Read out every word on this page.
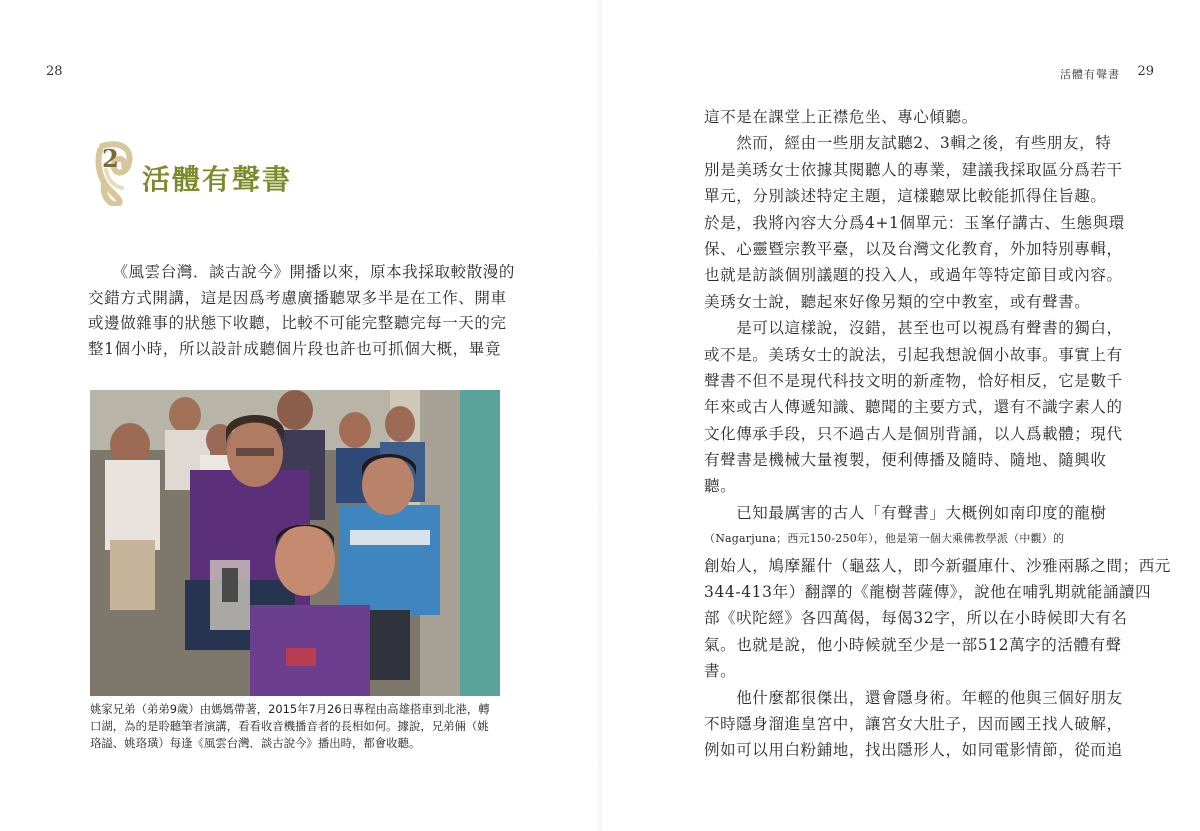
28
2
活體有聲書
　　《風雲台灣．談古說今》開播以來，原本我採取較散漫的
交錯方式開講，這是因爲考慮廣播聽眾多半是在工作、開車
或邊做雜事的狀態下收聽，比較不可能完整聽完每一天的完
整1個小時，所以設計成聽個片段也許也可抓個大概，畢竟
姚家兄弟（弟弟9歲）由媽媽帶著，2015年7月26日專程由高雄搭車到北港，轉
口湖，為的是聆聽筆者演講，看看收音機播音者的長相如何。據說，兄弟倆（姚
珞謚、姚珞璜）每逢《風雲台灣．談古說今》播出時，都會收聽。
活體有聲書 29
這不是在課堂上正襟危坐、專心傾聽。
　　然而，經由一些朋友試聽2、3輯之後，有些朋友，特
別是美琇女士依據其閱聽人的專業，建議我採取區分爲若干
單元，分別談述特定主題，這樣聽眾比較能抓得住旨趣。
於是，我將內容大分爲4+1個單元：玉峯仔講古、生態與環
保、心靈暨宗教平臺，以及台灣文化教育，外加特別專輯，
也就是訪談個別議題的投入人，或過年等特定節目或內容。
美琇女士說，聽起來好像另類的空中教室，或有聲書。
　　是可以這樣說，沒錯，甚至也可以視爲有聲書的獨白，
或不是。美琇女士的說法，引起我想說個小故事。事實上有
聲書不但不是現代科技文明的新產物，恰好相反，它是數千
年來或古人傳遞知識、聽聞的主要方式，還有不識字素人的
文化傳承手段，只不過古人是個別背誦，以人爲載體；現代
有聲書是機械大量複製，便利傳播及隨時、隨地、隨興收
聽。
　　已知最厲害的古人「有聲書」大概例如南印度的龍樹
（Nagarjuna；西元150-250年），他是第一個大乘佛教學派（中觀）的
創始人，鳩摩羅什（龜茲人，即今新疆庫什、沙雅兩縣之間；西元
344-413年）翻譯的《龍樹菩薩傳》，說他在哺乳期就能誦讀四
部《吠陀經》各四萬偈，每偈32字，所以在小時候即大有名
氣。也就是說，他小時候就至少是一部512萬字的活體有聲
書。
　　他什麼都很傑出，還會隱身術。年輕的他與三個好朋友
不時隱身溜進皇宮中，讓宮女大肚子，因而國王找人破解，
例如可以用白粉鋪地，找出隱形人，如同電影情節，從而追
